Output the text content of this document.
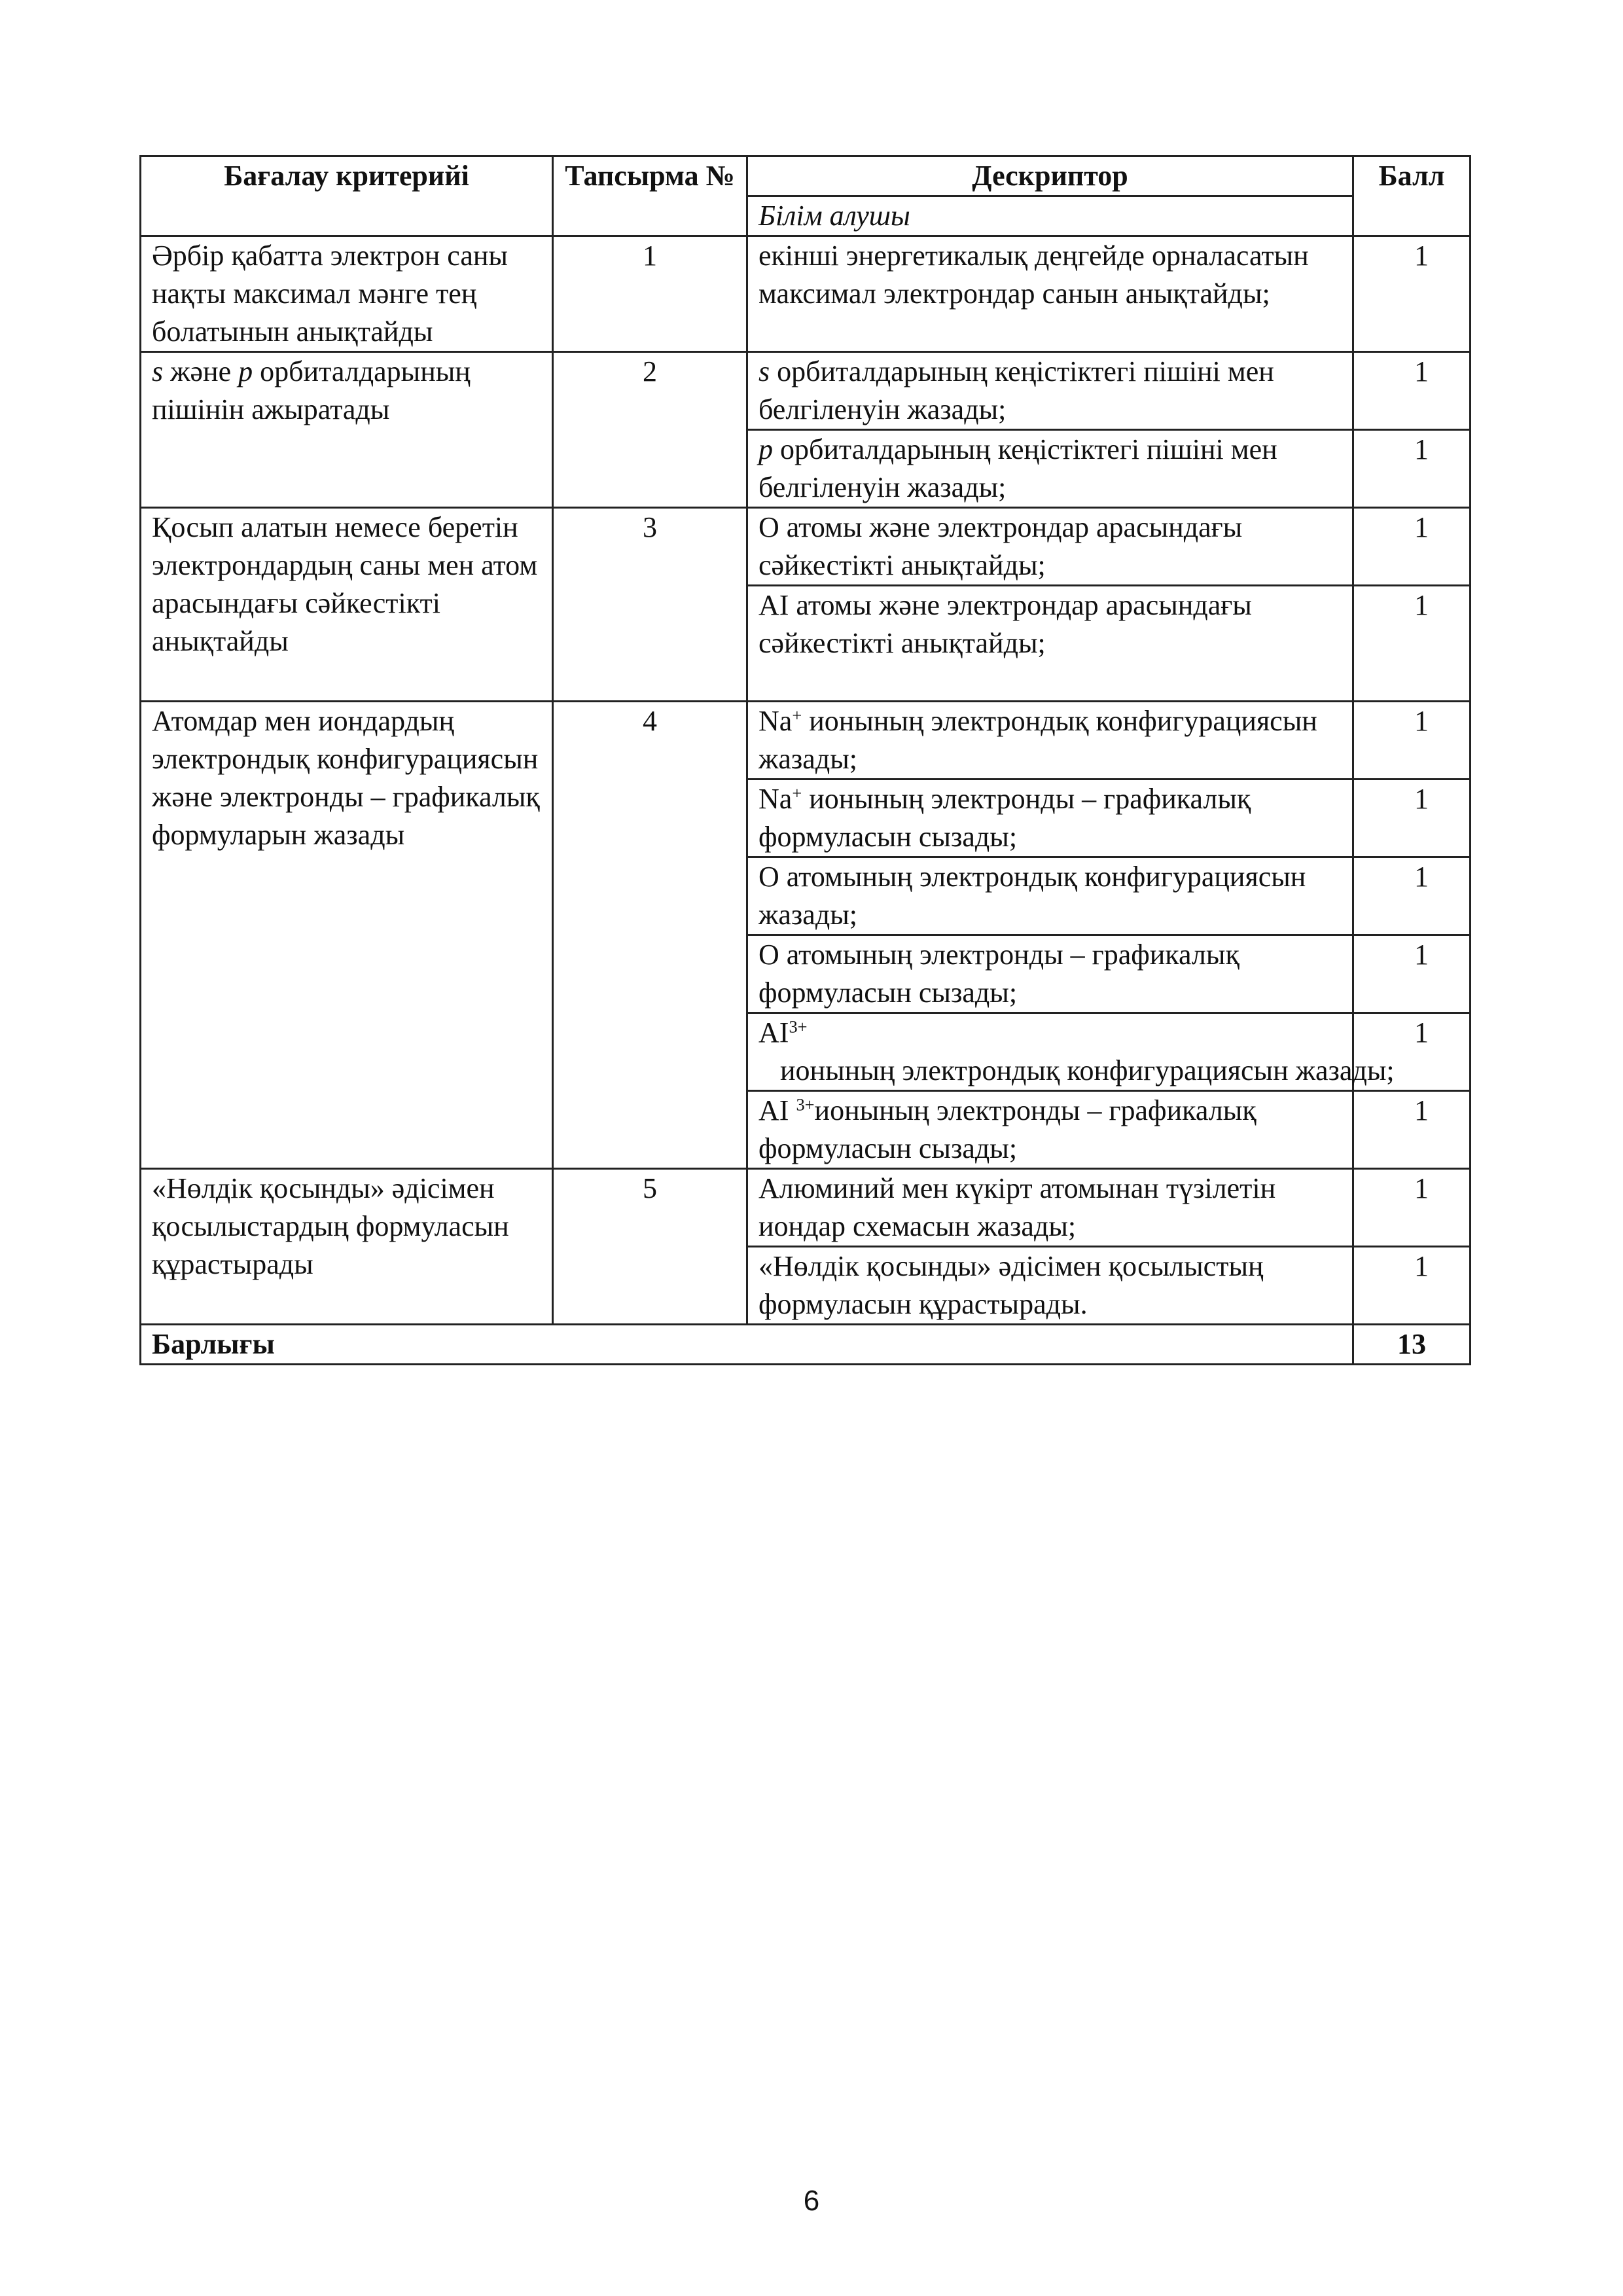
Бағалау критерийі	Тапсырма №	Дескриптор	Балл
		Білім алушы	
Әрбір қабатта электрон саны нақты максимал мәнге тең болатынын анықтайды	1	екінші энергетикалық деңгейде орналасатын максимал электрондар санын анықтайды;	1
s және p орбиталдарының пішінін ажыратады	2	s орбиталдарының кеңістіктегі пішіні мен белгіленуін жазады;	1
		p орбиталдарының кеңістіктегі пішіні мен белгіленуін жазады;	1
Қосып алатын немесе беретін электрондардың саны мен атом арасындағы сәйкестікті анықтайды	3	О атомы және электрондар арасындағы сәйкестікті анықтайды;	1
		AI атомы және электрондар арасындағы сәйкестікті анықтайды;	1
Атомдар мен иондардың электрондық конфигурациясын және электронды – графикалық формуларын жазады	4	Na+ ионының электрондық конфигурациясын жазады;	1
		Na+ ионының электронды – графикалық формуласын сызады;	1
		О атомының электрондық конфигурациясын жазады;	1
		О атомының электронды – графикалық формуласын сызады;	1
		$AI^{3+}$   ионының электрондық конфигурациясын жазады;	1
		AI $^{3+}$ионының электронды – графикалық формуласын сызады;	1
«Нөлдік қосынды» әдісімен қосылыстардың формуласын құрастырады	5	Алюминий мен күкірт атомынан түзілетін иондар схемасын жазады;	1
		«Нөлдік қосынды» әдісімен қосылыстың формуласын құрастырады.	1
Барлығы			13
6
